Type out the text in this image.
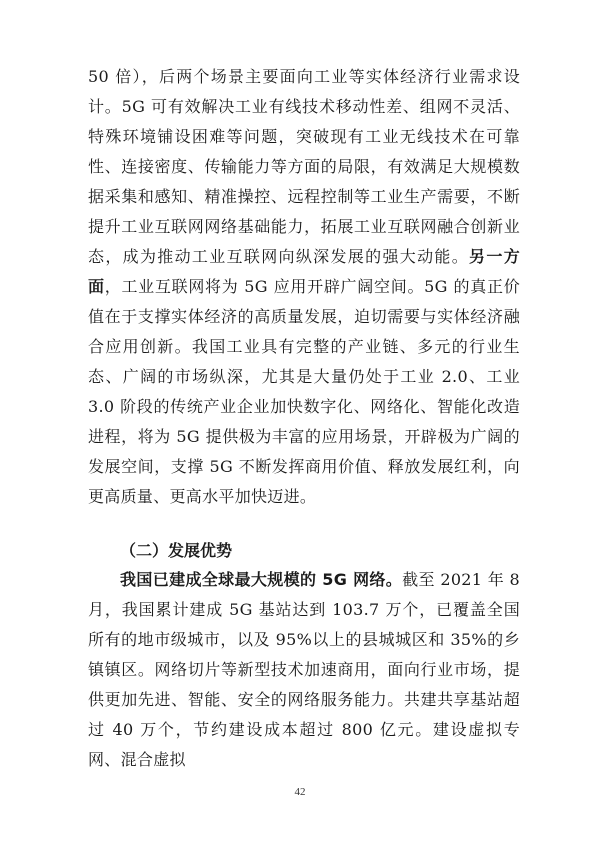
50 倍），后两个场景主要面向工业等实体经济行业需求设计。5G 可有效解决工业有线技术移动性差、组网不灵活、特殊环境铺设困难等问题，突破现有工业无线技术在可靠性、连接密度、传输能力等方面的局限，有效满足大规模数据采集和感知、精准操控、远程控制等工业生产需要，不断提升工业互联网网络基础能力，拓展工业互联网融合创新业态，成为推动工业互联网向纵深发展的强大动能。另一方面，工业互联网将为 5G 应用开辟广阔空间。5G 的真正价值在于支撑实体经济的高质量发展，迫切需要与实体经济融合应用创新。我国工业具有完整的产业链、多元的行业生态、广阔的市场纵深，尤其是大量仍处于工业 2.0、工业 3.0 阶段的传统产业企业加快数字化、网络化、智能化改造进程，将为 5G 提供极为丰富的应用场景，开辟极为广阔的发展空间，支撑 5G 不断发挥商用价值、释放发展红利，向更高质量、更高水平加快迈进。

（二）发展优势

我国已建成全球最大规模的 5G 网络。截至 2021 年 8 月，我国累计建成 5G 基站达到 103.7 万个，已覆盖全国所有的地市级城市，以及 95%以上的县城城区和 35%的乡镇镇区。网络切片等新型技术加速商用，面向行业市场，提供更加先进、智能、安全的网络服务能力。共建共享基站超过 40 万个，节约建设成本超过 800 亿元。建设虚拟专网、混合虚拟

42
